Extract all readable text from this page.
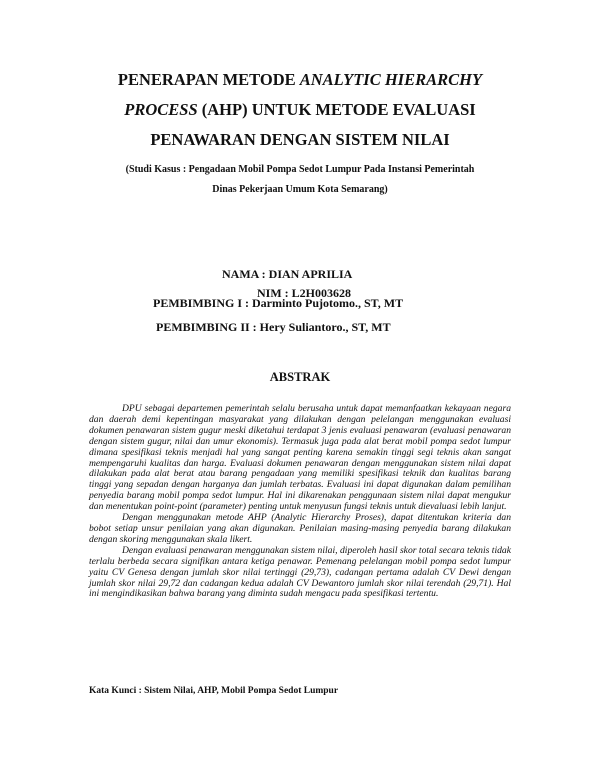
PENERAPAN METODE ANALYTIC HIERARCHY
PROCESS (AHP) UNTUK METODE EVALUASI
PENAWARAN DENGAN SISTEM NILAI
(Studi Kasus : Pengadaan Mobil Pompa Sedot Lumpur Pada Instansi Pemerintah
Dinas Pekerjaan Umum Kota Semarang)
NAMA : DIAN APRILIA
NIM : L2H003628
PEMBIMBING I : Darminto Pujotomo., ST, MT
PEMBIMBING II : Hery Suliantoro., ST, MT
ABSTRAK

DPU sebagai departemen pemerintah selalu berusaha untuk dapat memanfaatkan kekayaan negara dan daerah demi kepentingan masyarakat yang dilakukan dengan pelelangan menggunakan evaluasi dokumen penawaran sistem gugur meski diketahui terdapat 3 jenis evaluasi penawaran (evaluasi penawaran dengan sistem gugur, nilai dan umur ekonomis). Termasuk juga pada alat berat mobil pompa sedot lumpur dimana spesifikasi teknis menjadi hal yang sangat penting karena semakin tinggi segi teknis akan sangat mempengaruhi kualitas dan harga. Evaluasi dokumen penawaran dengan menggunakan sistem nilai dapat dilakukan pada alat berat atau barang pengadaan yang memiliki spesifikasi teknik dan kualitas barang tinggi yang sepadan dengan harganya dan jumlah terbatas. Evaluasi ini dapat digunakan dalam pemilihan penyedia barang mobil pompa sedot lumpur. Hal ini dikarenakan penggunaan sistem nilai dapat mengukur dan menentukan point-point (parameter) penting untuk menyusun fungsi teknis untuk dievaluasi lebih lanjut.

Dengan menggunakan metode AHP (Analytic Hierarchy Proses), dapat ditentukan kriteria dan bobot setiap unsur penilaian yang akan digunakan. Penilaian masing-masing penyedia barang dilakukan dengan skoring menggunakan skala likert.

Dengan evaluasi penawaran menggunakan sistem nilai, diperoleh hasil skor total secara teknis tidak terlalu berbeda secara signifikan antara ketiga penawar. Pemenang pelelangan mobil pompa sedot lumpur yaitu CV Genesa dengan jumlah skor nilai tertinggi (29,73), cadangan pertama adalah CV Dewi dengan jumlah skor nilai 29,72 dan cadangan kedua adalah CV Dewantoro jumlah skor nilai terendah (29,71). Hal ini mengindikasikan bahwa barang yang diminta sudah mengacu pada spesifikasi tertentu.

Kata Kunci : Sistem Nilai, AHP, Mobil Pompa Sedot Lumpur
